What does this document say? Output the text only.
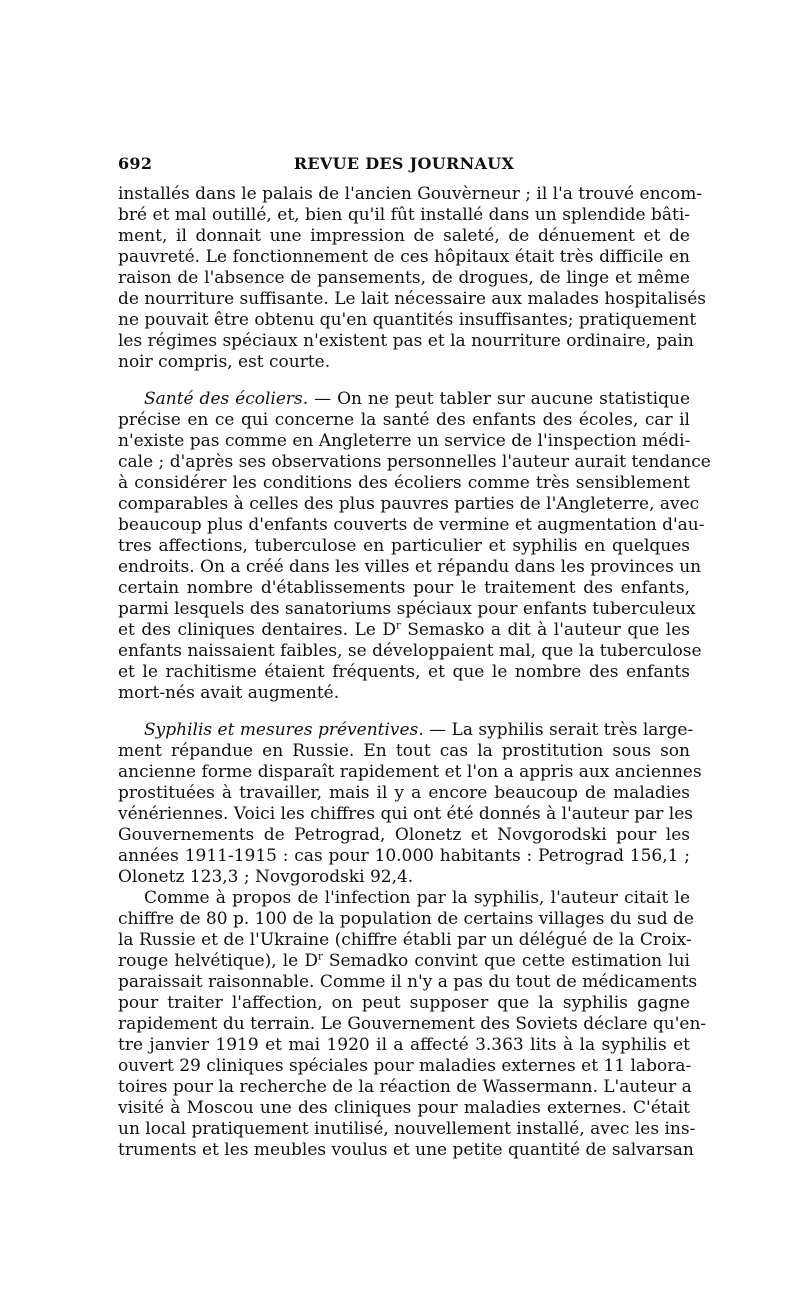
692	REVUE DES JOURNAUX
installés dans le palais de l'ancien Gouvèrneur ; il l'a trouvé encom-
bré et mal outillé, et, bien qu'il fût installé dans un splendide bâti-
ment, il donnait une impression de saleté, de dénuement et de
pauvreté. Le fonctionnement de ces hôpitaux était très difficile en
raison de l'absence de pansements, de drogues, de linge et même
de nourriture suffisante. Le lait nécessaire aux malades hospitalisés
ne pouvait être obtenu qu'en quantités insuffisantes; pratiquement
les régimes spéciaux n'existent pas et la nourriture ordinaire, pain
noir compris, est courte.
Santé des écoliers. — On ne peut tabler sur aucune statistique
précise en ce qui concerne la santé des enfants des écoles, car il
n'existe pas comme en Angleterre un service de l'inspection médi-
cale ; d'après ses observations personnelles l'auteur aurait tendance
à considérer les conditions des écoliers comme très sensiblement
comparables à celles des plus pauvres parties de l'Angleterre, avec
beaucoup plus d'enfants couverts de vermine et augmentation d'au-
tres affections, tuberculose en particulier et syphilis en quelques
endroits. On a créé dans les villes et répandu dans les provinces un
certain nombre d'établissements pour le traitement des enfants,
parmi lesquels des sanatoriums spéciaux pour enfants tuberculeux
et des cliniques dentaires. Le $D^r$ Semasko a dit à l'auteur que les
enfants naissaient faibles, se développaient mal, que la tuberculose
et le rachitisme étaient fréquents, et que le nombre des enfants
mort-nés avait augmenté.
Syphilis et mesures préventives. — La syphilis serait très large-
ment répandue en Russie. En tout cas la prostitution sous son
ancienne forme disparaît rapidement et l'on a appris aux anciennes
prostituées à travailler, mais il y a encore beaucoup de maladies
vénériennes. Voici les chiffres qui ont été donnés à l'auteur par les
Gouvernements de Petrograd, Olonetz et Novgorodski pour les
années 1911-1915 : cas pour 10.000 habitants : Petrograd 156,1 ;
Olonetz 123,3 ; Novgorodski 92,4.
Comme à propos de l'infection par la syphilis, l'auteur citait le
chiffre de 80 p. 100 de la population de certains villages du sud de
la Russie et de l'Ukraine (chiffre établi par un délégué de la Croix-
rouge helvétique), le $D^r$ Semadko convint que cette estimation lui
paraissait raisonnable. Comme il n'y a pas du tout de médicaments
pour traiter l'affection, on peut supposer que la syphilis gagne
rapidement du terrain. Le Gouvernement des Soviets déclare qu'en-
tre janvier 1919 et mai 1920 il a affecté 3.363 lits à la syphilis et
ouvert 29 cliniques spéciales pour maladies externes et 11 labora-
toires pour la recherche de la réaction de Wassermann. L'auteur a
visité à Moscou une des cliniques pour maladies externes. C'était
un local pratiquement inutilisé, nouvellement installé, avec les ins-
truments et les meubles voulus et une petite quantité de salvarsan
